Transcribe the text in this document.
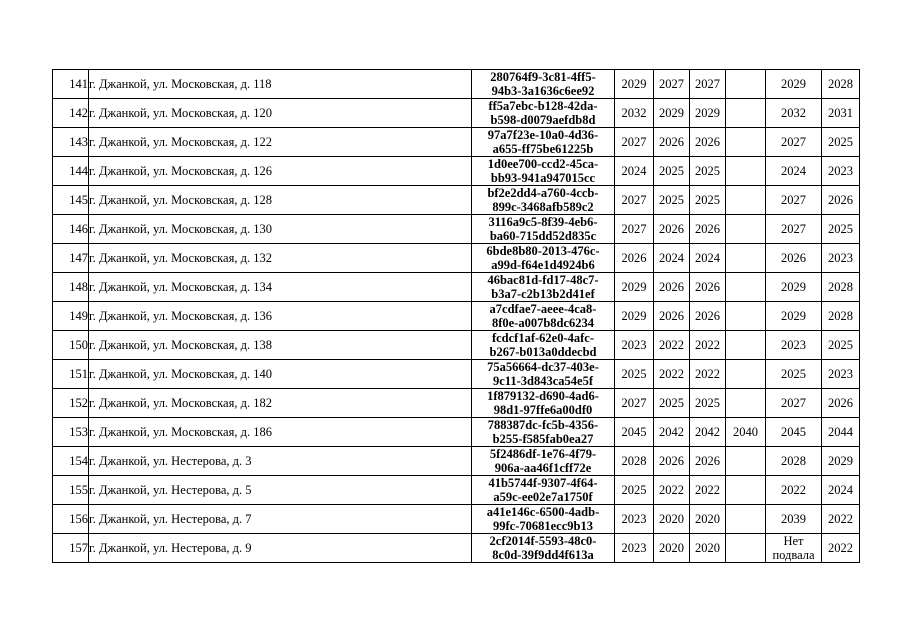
141	г. Джанкой, ул. Московская, д. 118	280764f9-3c81-4ff5-
94b3-3a1636c6ee92	2029	2027	2027		2029	2028
142	г. Джанкой, ул. Московская, д. 120	ff5a7ebc-b128-42da-
b598-d0079aefdb8d	2032	2029	2029		2032	2031
143	г. Джанкой, ул. Московская, д. 122	97a7f23e-10a0-4d36-
a655-ff75be61225b	2027	2026	2026		2027	2025
144	г. Джанкой, ул. Московская, д. 126	1d0ee700-ccd2-45ca-
bb93-941a947015cc	2024	2025	2025		2024	2023
145	г. Джанкой, ул. Московская, д. 128	bf2e2dd4-a760-4ccb-
899c-3468afb589c2	2027	2025	2025		2027	2026
146	г. Джанкой, ул. Московская, д. 130	3116a9c5-8f39-4eb6-
ba60-715dd52d835c	2027	2026	2026		2027	2025
147	г. Джанкой, ул. Московская, д. 132	6bde8b80-2013-476c-
a99d-f64e1d4924b6	2026	2024	2024		2026	2023
148	г. Джанкой, ул. Московская, д. 134	46bac81d-fd17-48c7-
b3a7-c2b13b2d41ef	2029	2026	2026		2029	2028
149	г. Джанкой, ул. Московская, д. 136	a7cdfae7-aeee-4ca8-
8f0e-a007b8dc6234	2029	2026	2026		2029	2028
150	г. Джанкой, ул. Московская, д. 138	fcdcf1af-62e0-4afc-
b267-b013a0ddecbd	2023	2022	2022		2023	2025
151	г. Джанкой, ул. Московская, д. 140	75a56664-dc37-403e-
9c11-3d843ca54e5f	2025	2022	2022		2025	2023
152	г. Джанкой, ул. Московская, д. 182	1f879132-d690-4ad6-
98d1-97ffe6a00df0	2027	2025	2025		2027	2026
153	г. Джанкой, ул. Московская, д. 186	788387dc-fc5b-4356-
b255-f585fab0ea27	2045	2042	2042	2040	2045	2044
154	г. Джанкой, ул. Нестерова, д. 3	5f2486df-1e76-4f79-
906a-aa46f1cff72e	2028	2026	2026		2028	2029
155	г. Джанкой, ул. Нестерова, д. 5	41b5744f-9307-4f64-
a59c-ee02e7a1750f	2025	2022	2022		2022	2024
156	г. Джанкой, ул. Нестерова, д. 7	a41e146c-6500-4adb-
99fc-70681ecc9b13	2023	2020	2020		2039	2022
157	г. Джанкой, ул. Нестерова, д. 9	2cf2014f-5593-48c0-
8c0d-39f9dd4f613a	2023	2020	2020		Нет
подвала	2022
